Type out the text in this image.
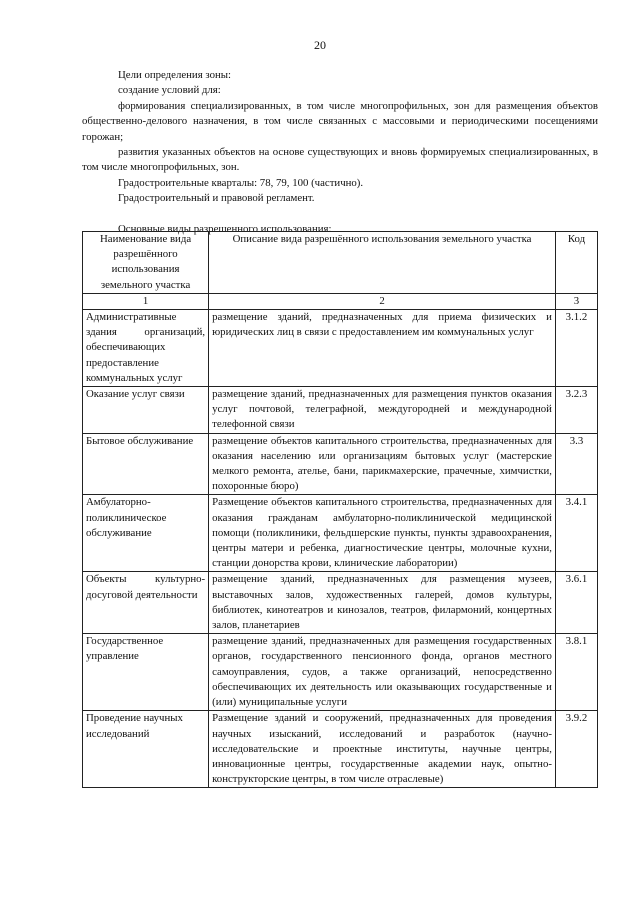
20

Цели определения зоны:

создание условий для:

формирования специализированных, в том числе многопрофильных, зон для размещения объектов общественно-делового назначения, в том числе связанных с массовыми и периодическими посещениями горожан;

развития указанных объектов на основе существующих и вновь формируемых специализированных, в том числе многопрофильных, зон.

Градостроительные кварталы: 78, 79, 100 (частично).

Градостроительный и правовой регламент.

Основные виды разрешенного использования:

Наименование вида разрешённого использования земельного участка	Описание вида разрешённого использования земельного участка	Код
1	2	3
Административные здания организаций, обеспечивающих предоставление коммунальных услуг	размещение зданий, предназначенных для приема физических и юридических лиц в связи с предоставлением им коммунальных услуг	3.1.2
Оказание услуг связи	размещение зданий, предназначенных для размещения пунктов оказания услуг почтовой, телеграфной, междугородней и международной телефонной связи	3.2.3
Бытовое обслуживание	размещение объектов капитального строительства, предназначенных для оказания населению или организациям бытовых услуг (мастерские мелкого ремонта, ателье, бани, парикмахерские, прачечные, химчистки, похоронные бюро)	3.3
Амбулаторно-поликлиническое обслуживание	Размещение объектов капитального строительства, предназначенных для оказания гражданам амбулаторно-поликлинической медицинской помощи (поликлиники, фельдшерские пункты, пункты здравоохранения, центры матери и ребенка, диагностические центры, молочные кухни, станции донорства крови, клинические лаборатории)	3.4.1
Объекты культурно-досуговой деятельности	размещение зданий, предназначенных для размещения музеев, выставочных залов, художественных галерей, домов культуры, библиотек, кинотеатров и кинозалов, театров, филармоний, концертных залов, планетариев	3.6.1
Государственное управление	размещение зданий, предназначенных для размещения государственных органов, государственного пенсионного фонда, органов местного самоуправления, судов, а также организаций, непосредственно обеспечивающих их деятельность или оказывающих государственные и (или) муниципальные услуги	3.8.1
Проведение научных исследований	Размещение зданий и сооружений, предназначенных для проведения научных изысканий, исследований и разработок (научно-исследовательские и проектные институты, научные центры, инновационные центры, государственные академии наук, опытно-конструкторские центры, в том числе отраслевые)	3.9.2
